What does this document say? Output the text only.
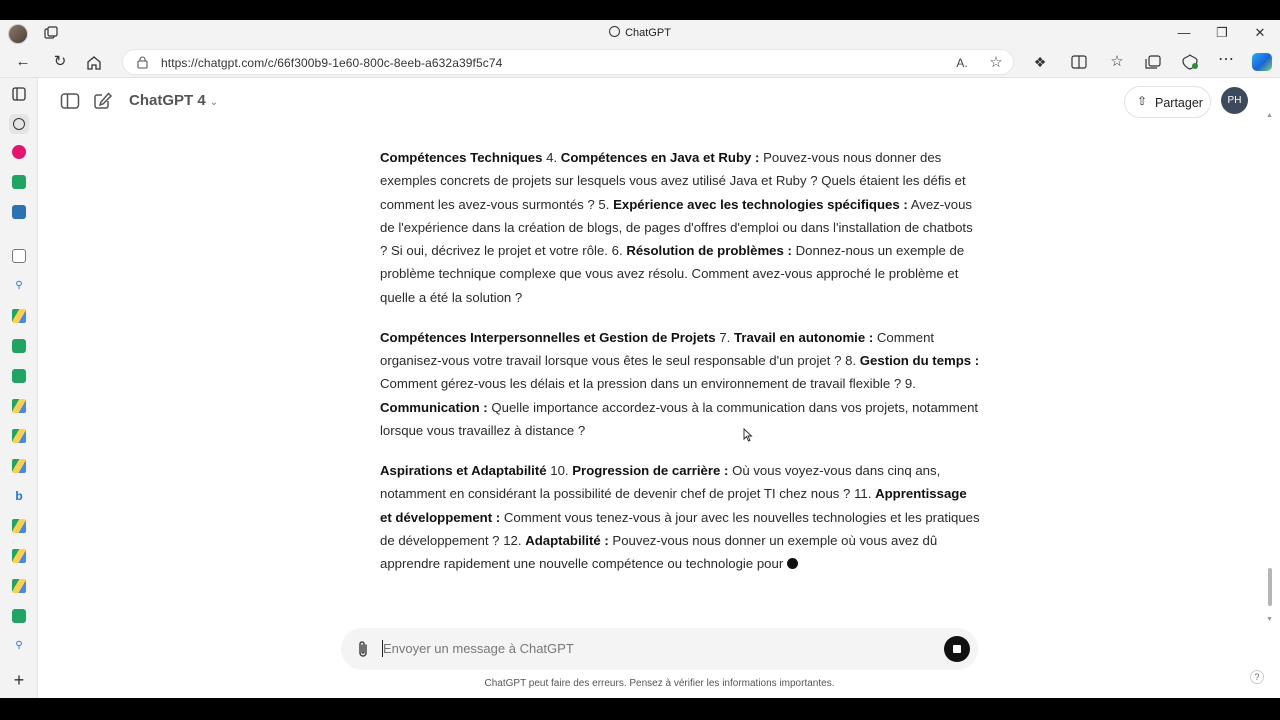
ChatGPT	—	❐	✕
←	↻	https://chatgpt.com/c/66f300b9-1e60-800c-8eeb-a632a39f5c74	A. ☆	❖	☆	⋯
⚲
b
⚲
+
ChatGPT 4 ⌄	⇧ Partager	PH
▲
▼

Compétences Techniques 4. Compétences en Java et Ruby : Pouvez-vous nous donner des exemples concrets de projets sur lesquels vous avez utilisé Java et Ruby ? Quels étaient les défis et comment les avez-vous surmontés ? 5. Expérience avec les technologies spécifiques : Avez-vous de l'expérience dans la création de blogs, de pages d'offres d'emploi ou dans l'installation de chatbots ? Si oui, décrivez le projet et votre rôle. 6. Résolution de problèmes : Donnez-nous un exemple de problème technique complexe que vous avez résolu. Comment avez-vous approché le problème et quelle a été la solution ?

Compétences Interpersonnelles et Gestion de Projets 7. Travail en autonomie : Comment organisez-vous votre travail lorsque vous êtes le seul responsable d'un projet ? 8. Gestion du temps : Comment gérez-vous les délais et la pression dans un environnement de travail flexible ? 9. Communication : Quelle importance accordez-vous à la communication dans vos projets, notamment lorsque vous travaillez à distance ?

Aspirations et Adaptabilité 10. Progression de carrière : Où vous voyez-vous dans cinq ans, notamment en considérant la possibilité de devenir chef de projet TI chez nous ? 11. Apprentissage et développement : Comment vous tenez-vous à jour avec les nouvelles technologies et les pratiques de développement ? 12. Adaptabilité : Pouvez-vous nous donner un exemple où vous avez dû apprendre rapidement une nouvelle compétence ou technologie pour

Envoyer un message à ChatGPT
ChatGPT peut faire des erreurs. Pensez à vérifier les informations importantes.
?
